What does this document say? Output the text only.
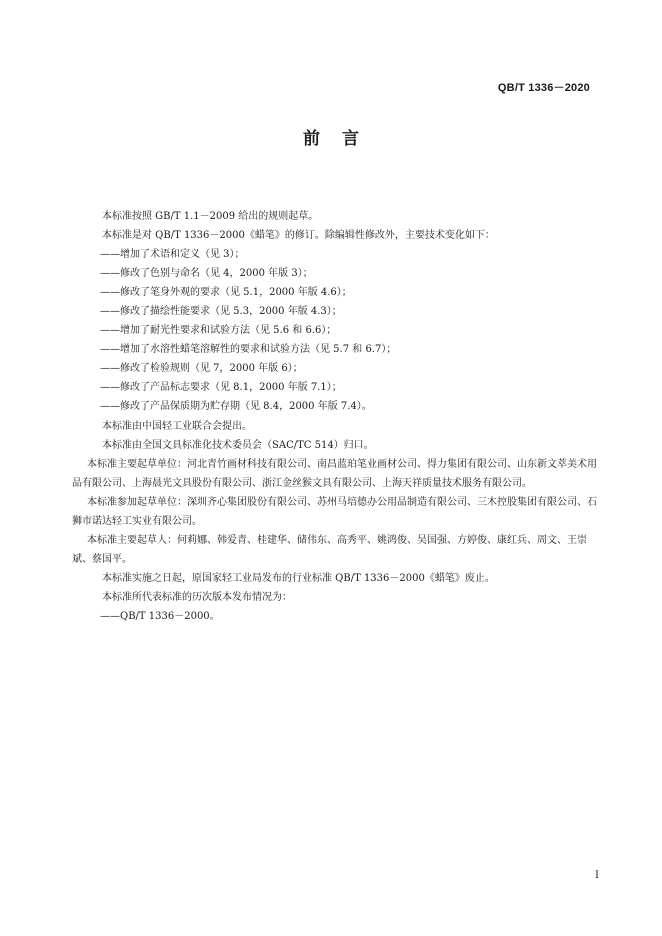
QB/T 1336－2020
前言

本标准按照 GB/T 1.1－2009 给出的规则起草。

本标准是对 QB/T 1336－2000《蜡笔》的修订。除编辑性修改外，主要技术变化如下：

——增加了术语和定义（见 3）；

——修改了色别与命名（见 4，2000 年版 3）；

——修改了笔身外观的要求（见 5.1，2000 年版 4.6）；

——修改了描绘性能要求（见 5.3，2000 年版 4.3）；

——增加了耐光性要求和试验方法（见 5.6 和 6.6）；

——增加了水溶性蜡笔溶解性的要求和试验方法（见 5.7 和 6.7）；

——修改了检验规则（见 7，2000 年版 6）；

——修改了产品标志要求（见 8.1，2000 年版 7.1）；

——修改了产品保质期为贮存期（见 8.4，2000 年版 7.4）。

本标准由中国轻工业联合会提出。

本标准由全国文具标准化技术委员会（SAC/TC 514）归口。

本标准主要起草单位：河北青竹画材科技有限公司、南昌蓝珀笔业画材公司、得力集团有限公司、山东新文萃美术用品有限公司、上海晨光文具股份有限公司、浙江金丝猴文具有限公司、上海天祥质量技术服务有限公司。

本标准参加起草单位：深圳齐心集团股份有限公司、苏州马培德办公用品制造有限公司、三木控股集团有限公司、石狮市诺达轻工实业有限公司。

本标准主要起草人：何莉娜、韩爱青、桂建华、储伟东、高秀平、姚鸿俊、吴国强、方婷俊、康红兵、周文、王崇斌、蔡国平。

本标准实施之日起，原国家轻工业局发布的行业标准 QB/T 1336－2000《蜡笔》废止。

本标准所代表标准的历次版本发布情况为：

——QB/T 1336－2000。

I
